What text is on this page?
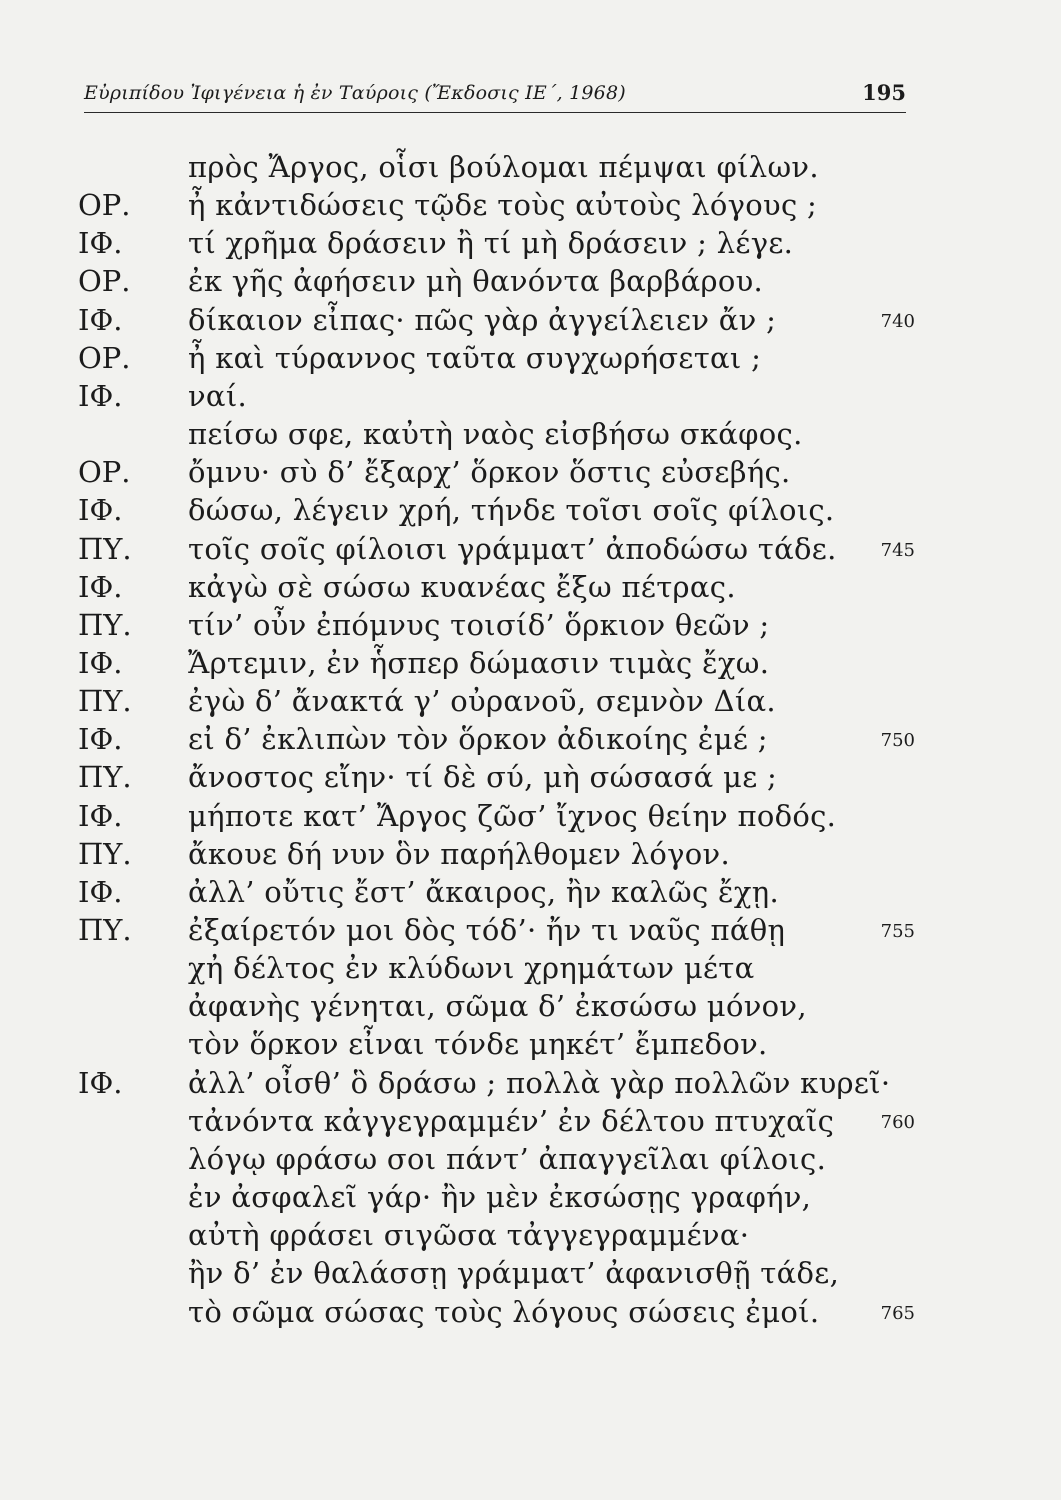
Εὐριπίδου Ἰφιγένεια ἡ ἐν Ταύροις (Ἔκδοσις ΙΕ΄, 1968)	195
πρὸς Ἄργος, οἷσι βούλομαι πέμψαι φίλων.
ΟΡ. ἦ κἀντιδώσεις τῷδε τοὺς αὐτοὺς λόγους ;
ΙΦ. τί χρῆμα δράσειν ἢ τί μὴ δράσειν ; λέγε.
ΟΡ. ἐκ γῆς ἀφήσειν μὴ θανόντα βαρβάρου.
ΙΦ. δίκαιον εἶπας· πῶς γὰρ ἀγγείλειεν ἄν ;	740
ΟΡ. ἦ καὶ τύραννος ταῦτα συγχωρήσεται ;
ΙΦ. ναί.
πείσω σφε, καὐτὴ ναὸς εἰσβήσω σκάφος.
ΟΡ. ὄμνυ· σὺ δ’ ἔξαρχ’ ὅρκον ὅστις εὐσεβής.
ΙΦ. δώσω, λέγειν χρή, τήνδε τοῖσι σοῖς φίλοις.
ΠΥ. τοῖς σοῖς φίλοισι γράμματ’ ἀποδώσω τάδε. 745
ΙΦ. κἀγὼ σὲ σώσω κυανέας ἔξω πέτρας.
ΠΥ. τίν’ οὖν ἐπόμνυς τοισίδ’ ὅρκιον θεῶν ;
ΙΦ. Ἄρτεμιν, ἐν ἧσπερ δώμασιν τιμὰς ἔχω.
ΠΥ. ἐγὼ δ’ ἄνακτά γ’ οὐρανοῦ, σεμνὸν Δία.
ΙΦ. εἰ δ’ ἐκλιπὼν τὸν ὅρκον ἀδικοίης ἐμέ ;	750
ΠΥ. ἄνοστος εἴην· τί δὲ σύ, μὴ σώσασά με ;
ΙΦ. μήποτε κατ’ Ἄργος ζῶσ’ ἴχνος θείην ποδός.
ΠΥ. ἄκουε δή νυν ὃν παρήλθομεν λόγον.
ΙΦ. ἀλλ’ οὔτις ἔστ’ ἄκαιρος, ἢν καλῶς ἔχῃ.
ΠΥ. ἐξαίρετόν μοι δὸς τόδ’· ἤν τι ναῦς πάθῃ	755
χἠ δέλτος ἐν κλύδωνι χρημάτων μέτα
ἀφανὴς γένηται, σῶμα δ’ ἐκσώσω μόνον,
τὸν ὅρκον εἶναι τόνδε μηκέτ’ ἔμπεδον.
ΙΦ. ἀλλ’ οἶσθ’ ὃ δράσω ; πολλὰ γὰρ πολλῶν κυρεῖ·
τἀνόντα κἀγγεγραμμέν’ ἐν δέλτου πτυχαῖς	760
λόγῳ φράσω σοι πάντ’ ἀπαγγεῖλαι φίλοις.
ἐν ἀσφαλεῖ γάρ· ἢν μὲν ἐκσώσῃς γραφήν,
αὐτὴ φράσει σιγῶσα τἀγγεγραμμένα·
ἢν δ’ ἐν θαλάσσῃ γράμματ’ ἀφανισθῇ τάδε,
τὸ σῶμα σώσας τοὺς λόγους σώσεις ἐμοί.	765
